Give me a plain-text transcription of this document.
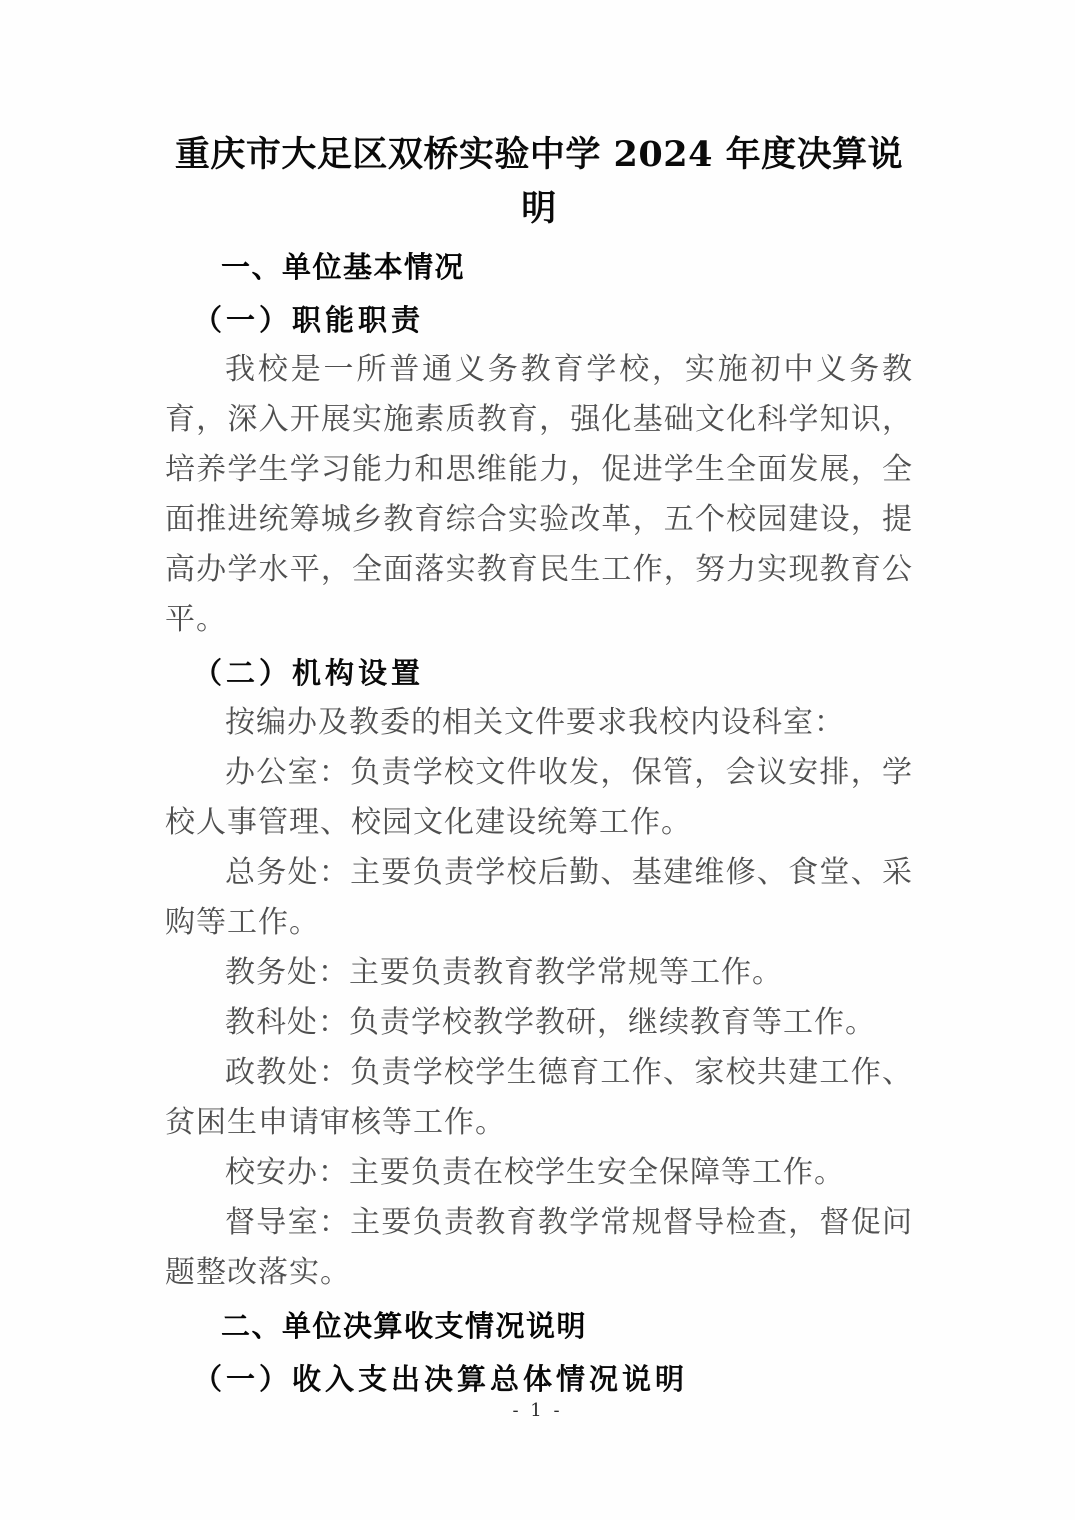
重庆市大足区双桥实验中学 2024 年度决算说明
一、单位基本情况
（一）职能职责

我校是一所普通义务教育学校，实施初中义务教育，深入开展实施素质教育，强化基础文化科学知识，培养学生学习能力和思维能力，促进学生全面发展，全面推进统筹城乡教育综合实验改革，五个校园建设，提高办学水平，全面落实教育民生工作，努力实现教育公平。

（二）机构设置

按编办及教委的相关文件要求我校内设科室：

办公室：负责学校文件收发，保管，会议安排，学校人事管理、校园文化建设统筹工作。

总务处：主要负责学校后勤、基建维修、食堂、采购等工作。

教务处：主要负责教育教学常规等工作。

教科处：负责学校教学教研，继续教育等工作。

政教处：负责学校学生德育工作、家校共建工作、贫困生申请审核等工作。

校安办：主要负责在校学生安全保障等工作。

督导室：主要负责教育教学常规督导检查，督促问题整改落实。

二、单位决算收支情况说明
（一）收入支出决算总体情况说明
- 1 -
